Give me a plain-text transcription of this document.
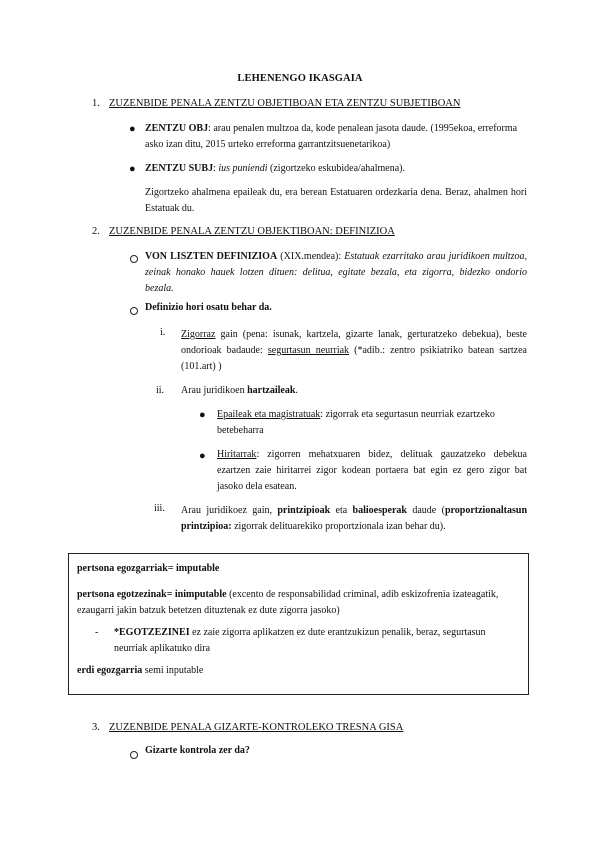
LEHENENGO IKASGAIA
1. ZUZENBIDE PENALA ZENTZU OBJETIBOAN ETA ZENTZU SUBJETIBOAN
● ZENTZU OBJ: arau penalen multzoa da, kode penalean jasota daude. (1995ekoa, erreforma asko izan ditu, 2015 urteko erreforma garrantzitsuenetarikoa)
● ZENTZU SUBJ: ius puniendi (zigortzeko eskubidea/ahalmena).
Zigortzeko ahalmena epaileak du, era berean Estatuaren ordezkaria dena. Beraz, ahalmen hori Estatuak du.
2. ZUZENBIDE PENALA ZENTZU OBJEKTIBOAN: DEFINIZIOA
VON LISZTEN DEFINIZIOA (XIX.mendea): Estatuak ezarritako arau juridikoen multzoa, zeinak honako hauek lotzen dituen: delitua, egitate bezala, eta zigorra, bidezko ondorio bezala.
Definizio hori osatu behar da.
i. Zigorraz gain (pena: isunak, kartzela, gizarte lanak, gerturatzeko debekua), beste ondorioak badaude: segurtasun neurriak (*adib.: zentro psikiatriko batean sartzea (101.art) )
ii. Arau juridikoen hartzaileak.
● Epaileak eta magistratuak: zigorrak eta segurtasun neurriak ezartzeko betebeharra
● Hiritarrak: zigorren mehatxuaren bidez, delituak gauzatzeko debekua ezartzen zaie hiritarrei zigor kodean portaera bat egin ez gero zigor bat jasoko dela esatean.
iii. Arau juridikoez gain, printzipioak eta balioesperak daude (proportzionaltasun printzipioa: zigorrak delituarekiko proportzionala izan behar du).
pertsona egozgarriak= imputable
pertsona egotzezinak= inimputable (excento de responsabilidad criminal, adib eskizofrenia izateagatik, ezaugarri jakin batzuk betetzen dituztenak ez dute zigorra jasoko)
- *EGOTZEZINEI ez zaie zigorra aplikatzen ez dute erantzukizun penalik, beraz, segurtasun neurriak aplikatuko dira
erdi egozgarria semi inputable
3. ZUZENBIDE PENALA GIZARTE-KONTROLEKO TRESNA GISA
Gizarte kontrola zer da?
